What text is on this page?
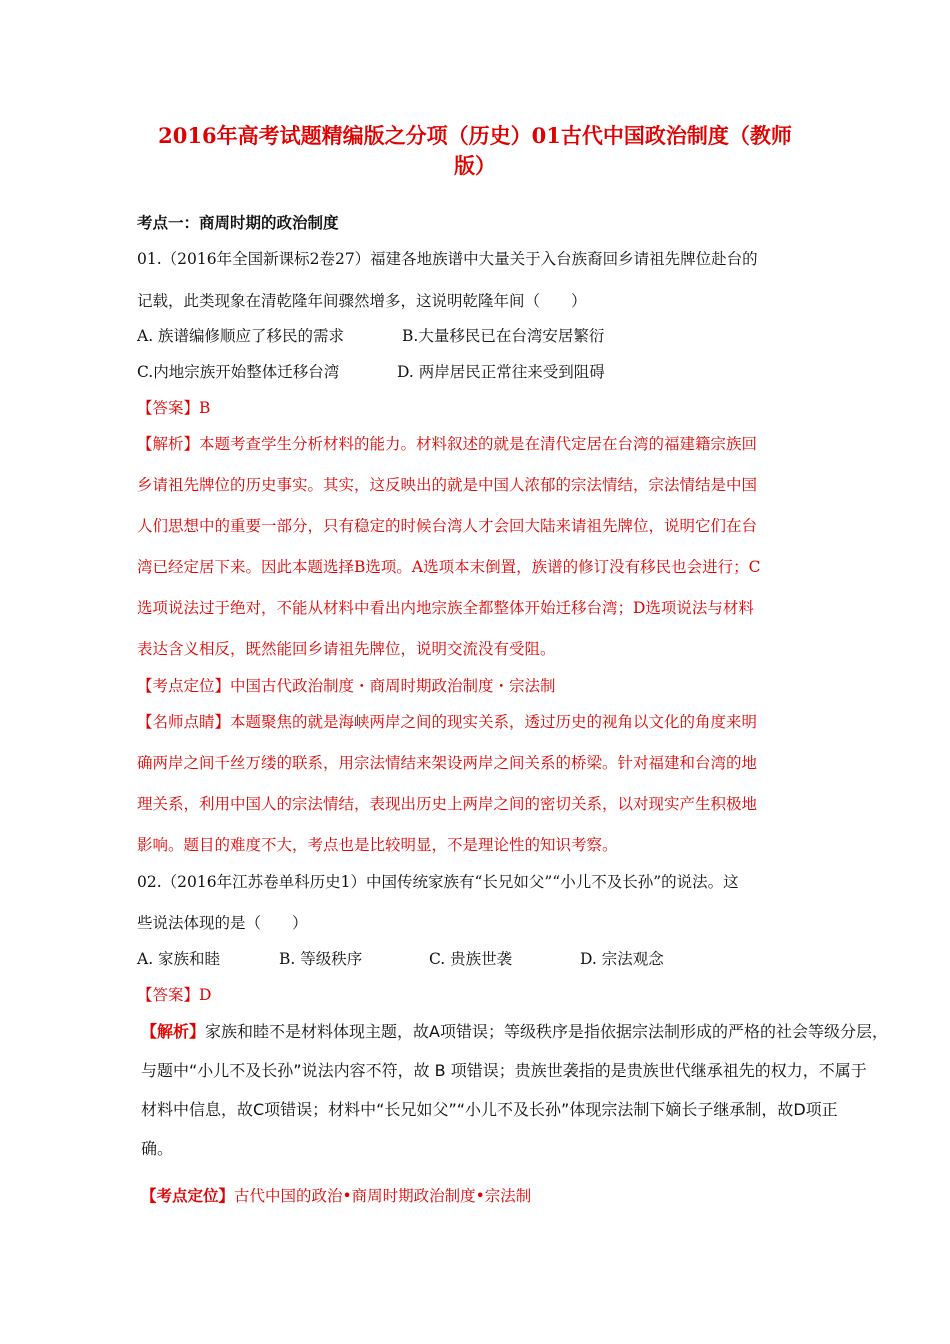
2016年高考试题精编版之分项（历史）01古代中国政治制度（教师
版）
考点一：商周时期的政治制度
01.（2016年全国新课标2卷27）福建各地族谱中大量关于入台族裔回乡请祖先牌位赴台的
记载，此类现象在清乾隆年间骤然增多，这说明乾隆年间（　　）
A. 族谱编修顺应了移民的需求	B.大量移民已在台湾安居繁衍
C.内地宗族开始整体迁移台湾	D. 两岸居民正常往来受到阻碍
【答案】B
【解析】本题考查学生分析材料的能力。材料叙述的就是在清代定居在台湾的福建籍宗族回
乡请祖先牌位的历史事实。其实，这反映出的就是中国人浓郁的宗法情结，宗法情结是中国
人们思想中的重要一部分，只有稳定的时候台湾人才会回大陆来请祖先牌位，说明它们在台
湾已经定居下来。因此本题选择B选项。A选项本末倒置，族谱的修订没有移民也会进行；C
选项说法过于绝对，不能从材料中看出内地宗族全都整体开始迁移台湾；D选项说法与材料
表达含义相反，既然能回乡请祖先牌位，说明交流没有受阻。
【考点定位】中国古代政治制度・商周时期政治制度・宗法制
【名师点睛】本题聚焦的就是海峡两岸之间的现实关系，透过历史的视角以文化的角度来明
确两岸之间千丝万缕的联系，用宗法情结来架设两岸之间关系的桥梁。针对福建和台湾的地
理关系，利用中国人的宗法情结，表现出历史上两岸之间的密切关系，以对现实产生积极地
影响。题目的难度不大，考点也是比较明显，不是理论性的知识考察。
02.（2016年江苏卷单科历史1）中国传统家族有“长兄如父”“小儿不及长孙”的说法。这
些说法体现的是（　　）
A. 家族和睦	B. 等级秩序	C. 贵族世袭	D. 宗法观念
【答案】D
【解析】家族和睦不是材料体现主题，故A项错误；等级秩序是指依据宗法制形成的严格的社会等级分层，
与题中“小儿不及长孙”说法内容不符，故 B 项错误；贵族世袭指的是贵族世代继承祖先的权力，不属于
材料中信息，故C项错误；材料中“长兄如父”“小儿不及长孙”体现宗法制下嫡长子继承制，故D项正
确。
【考点定位】古代中国的政治•商周时期政治制度•宗法制
